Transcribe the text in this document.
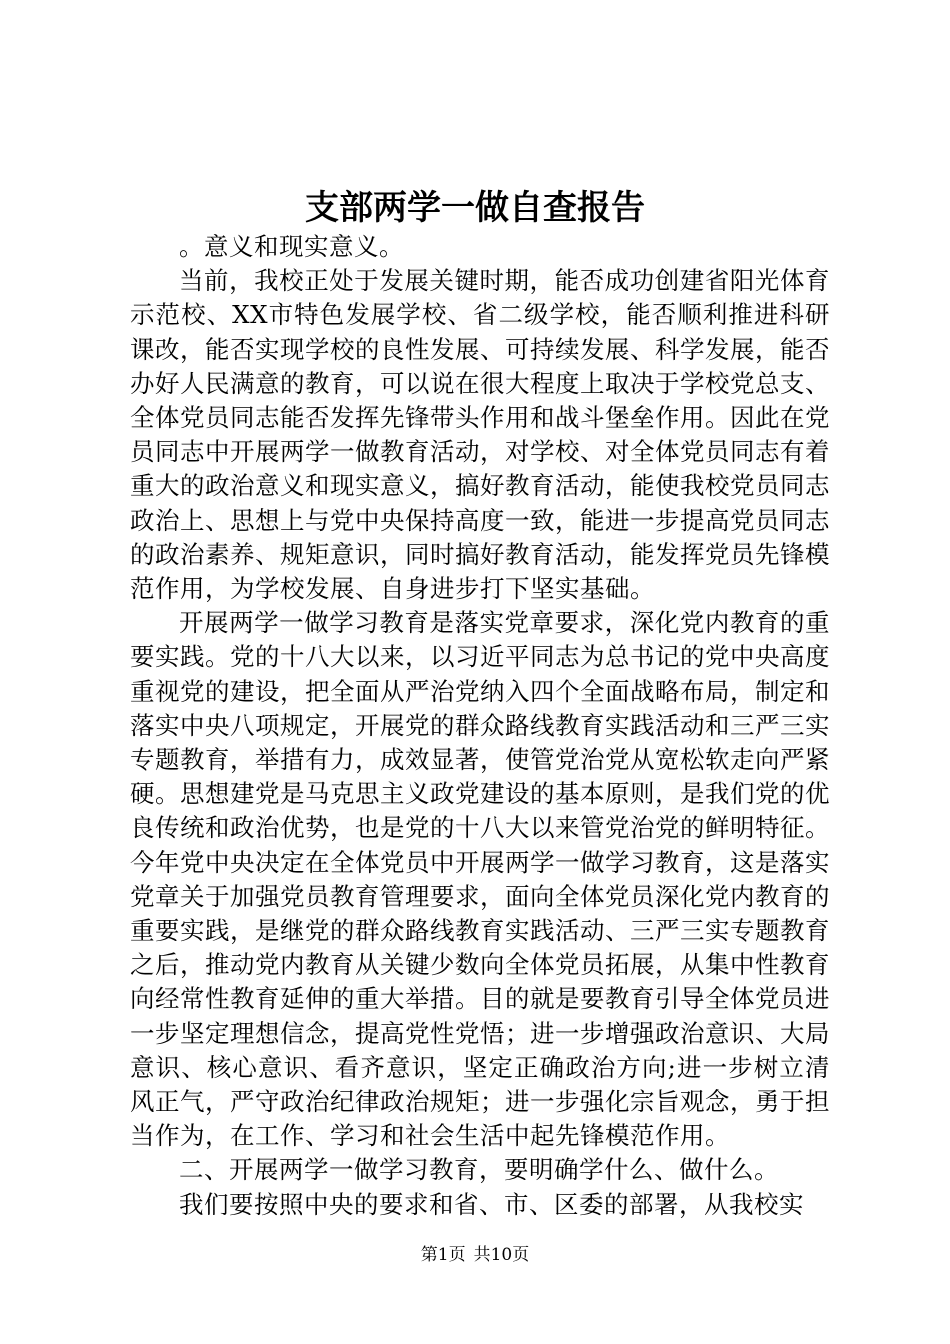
支部两学一做自查报告

。意义和现实意义。

当前，我校正处于发展关键时期，能否成功创建省阳光体育示范校、XX市特色发展学校、省二级学校，能否顺利推进科研课改，能否实现学校的良性发展、可持续发展、科学发展，能否办好人民满意的教育，可以说在很大程度上取决于学校党总支、全体党员同志能否发挥先锋带头作用和战斗堡垒作用。因此在党员同志中开展两学一做教育活动，对学校、对全体党员同志有着重大的政治意义和现实意义，搞好教育活动，能使我校党员同志政治上、思想上与党中央保持高度一致，能进一步提高党员同志的政治素养、规矩意识，同时搞好教育活动，能发挥党员先锋模范作用，为学校发展、自身进步打下坚实基础。

开展两学一做学习教育是落实党章要求，深化党内教育的重要实践。党的十八大以来，以习近平同志为总书记的党中央高度重视党的建设，把全面从严治党纳入四个全面战略布局，制定和落实中央八项规定，开展党的群众路线教育实践活动和三严三实专题教育，举措有力，成效显著，使管党治党从宽松软走向严紧硬。思想建党是马克思主义政党建设的基本原则，是我们党的优良传统和政治优势，也是党的十八大以来管党治党的鲜明特征。今年党中央决定在全体党员中开展两学一做学习教育，这是落实党章关于加强党员教育管理要求，面向全体党员深化党内教育的重要实践，是继党的群众路线教育实践活动、三严三实专题教育之后，推动党内教育从关键少数向全体党员拓展，从集中性教育向经常性教育延伸的重大举措。目的就是要教育引导全体党员进一步坚定理想信念，提高党性党悟；进一步增强政治意识、大局意识、核心意识、看齐意识，坚定正确政治方向;进一步树立清风正气，严守政治纪律政治规矩；进一步强化宗旨观念，勇于担当作为，在工作、学习和社会生活中起先锋模范作用。

二、开展两学一做学习教育，要明确学什么、做什么。

我们要按照中央的要求和省、市、区委的部署，从我校实

第1页 共10页
